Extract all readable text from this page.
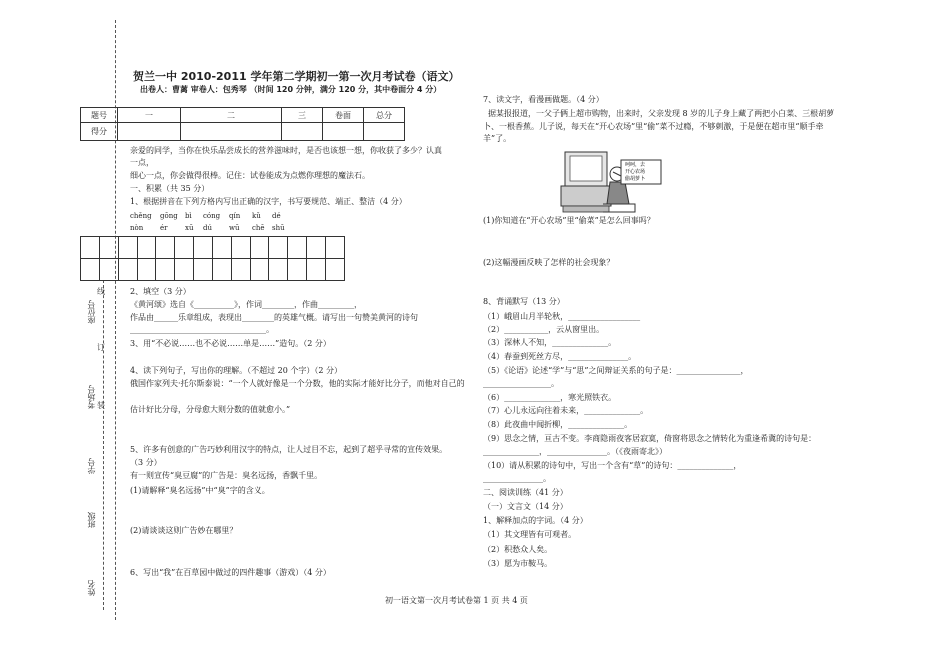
线
订
装
座位号
考场号
学号
班级
姓名
贺兰一中 2010-2011 学年第二学期初一第一次月考试卷（语文）
出卷人：曹蓠 审卷人：包秀琴 （时间 120 分钟，满分 120 分，其中卷面分 4 分）
题号	一	二	三	卷面	总分
得分					
亲爱的同学，当你在快乐品尝成长的营养滋味时，是否也该想一想，你收获了多少？认真
一点，
细心一点，你会做得很棒。记住：试卷能成为点燃你理想的魔法石。
一、积累（共 35 分）
1、根据拼音在下列方格内写出正确的汉字，书写要规范、端正、整洁（4 分）
chěng gōng bì cóng qín kǔ dé
nòn ér	xū dú wū chē shū

2、填空（3 分）
《黄河颂》选自《__________》，作词________，作曲_________，
作品由______乐章组成，表现出________的英雄气概。请写出一句赞美黄河的诗句
__________________________________。
3、用“不必说……也不必说……单是……”造句。（2 分）
4、读下列句子，写出你的理解。（不超过 20 个字）（2 分）
俄国作家列夫·托尔斯泰说：“一个人就好像是一个分数，他的实际才能好比分子，而他对自己的
估计好比分母，分母愈大则分数的值就愈小。”
5、许多有创意的广告巧妙利用汉字的特点，让人过目不忘，起到了超乎寻常的宣传效果。
（3 分）
有一则宣传“臭豆腐”的广告是：臭名远扬，香飘千里。
(1)请解释“臭名远扬”中“臭”字的含义。
(2)请谈谈这则广告妙在哪里？
6、写出“我”在百草园中做过的四件趣事（游戏）（4 分）
7、读文字，看漫画做题。（4 分）
据某报报道，一父子俩上超市购物，出来时，父亲发现 8 岁的儿子身上藏了两把小白菜、三根胡萝
卜、一根香蕉。儿子说，每天在“开心农场”里“偷”菜不过瘾，不够刺激，于是便在超市里“顺手牵
羊”了。
呵呵，去
开心农场
偷胡萝卜
(1)你知道在“开心农场”里“偷菜”是怎么回事吗？
(2)这幅漫画反映了怎样的社会现象？
8、背诵默写（13 分）
（1）峨眉山月半轮秋，__________________
（2）___________，云从窗里出。
（3）深林人不知，______________。
（4）春蚕到死丝方尽，_______________。
（5）《论语》论述“学”与“思”之间辩证关系的句子是：________________，
_________________。
（6）______________，寒光照铁衣。
（7）心儿永远向往着未来，______________。
（8）此夜曲中闻折柳，______________。
（9）思念之情，亘古不变。李商隐雨夜客居寂寞，倚窗将思念之情转化为重逢希冀的诗句是：
______________，_______________。（《夜雨寄北》）
（10）请从积累的诗句中，写出一个含有“草”的诗句：______________，
_______________。
二、阅读训练（41 分）
（一）文言文（14 分）
1、解释加点的字词。（4 分）
（1）其文理皆有可观者。
（2）积愁众人矣。
（3）愿为市鞍马。
初一语文第一次月考试卷第 1 页 共 4 页
